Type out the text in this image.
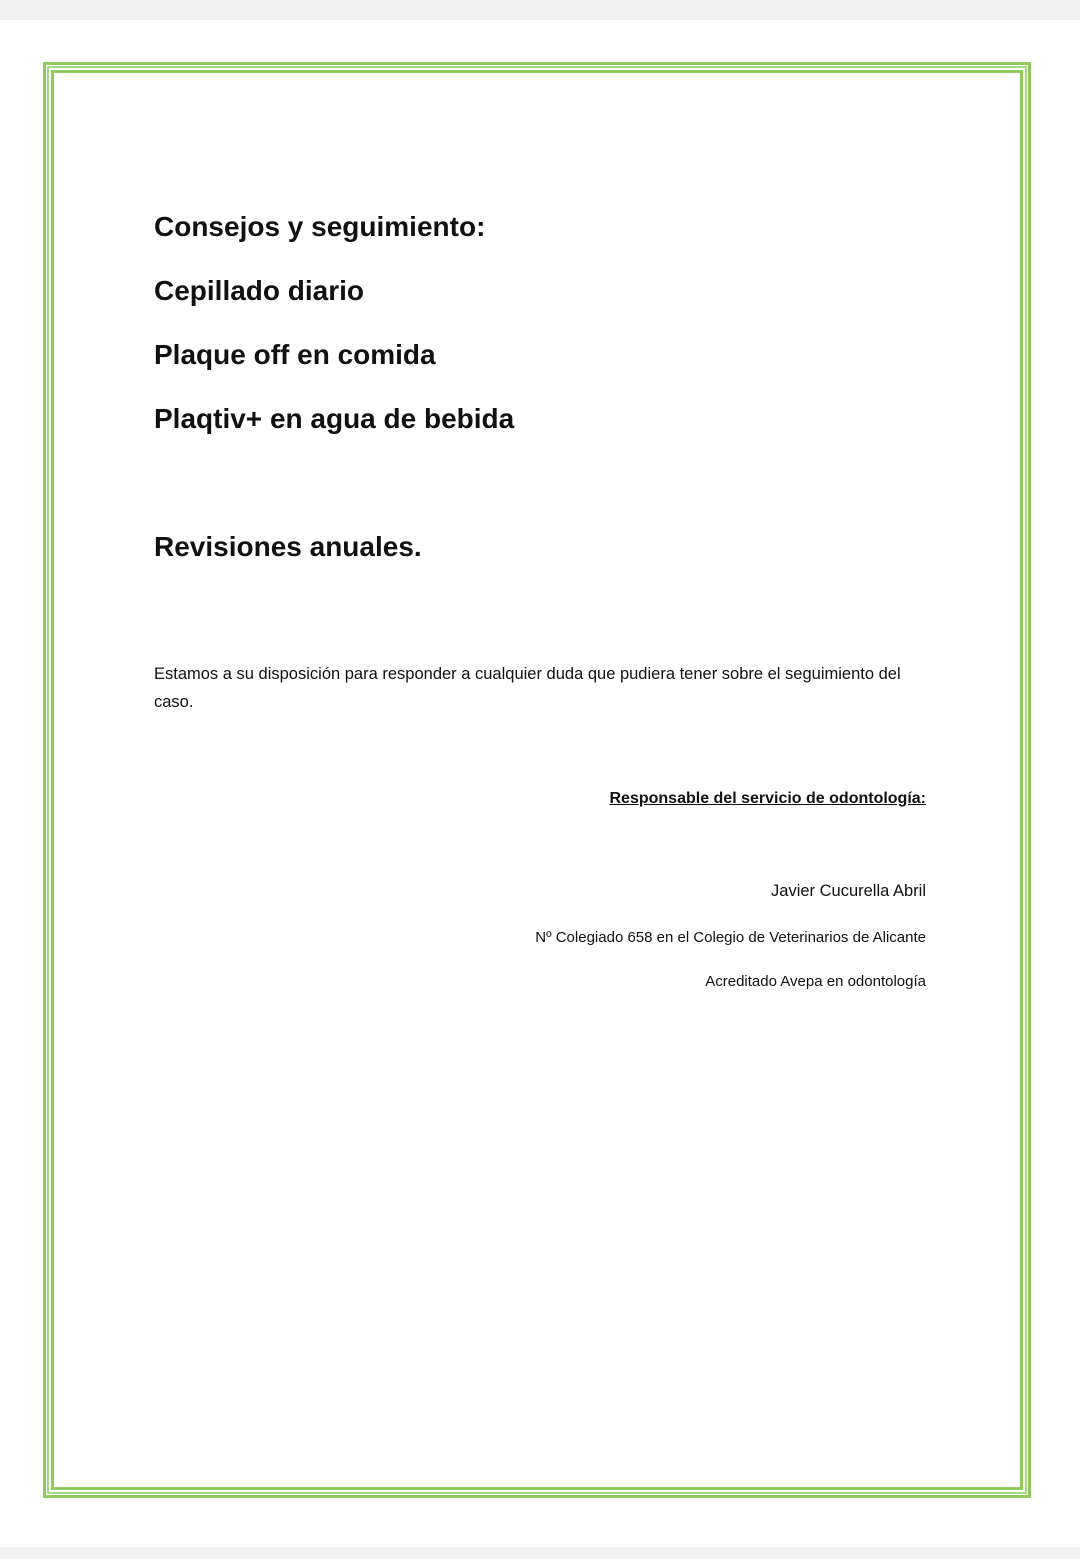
Consejos y seguimiento:
Cepillado diario
Plaque off en comida
Plaqtiv+ en agua de bebida
Revisiones anuales.

Estamos a su disposición para responder a cualquier duda que pudiera tener sobre el seguimiento del caso.

Responsable del servicio de odontología:
Javier Cucurella Abril
Nº Colegiado 658 en el Colegio de Veterinarios de Alicante
Acreditado Avepa en odontología
